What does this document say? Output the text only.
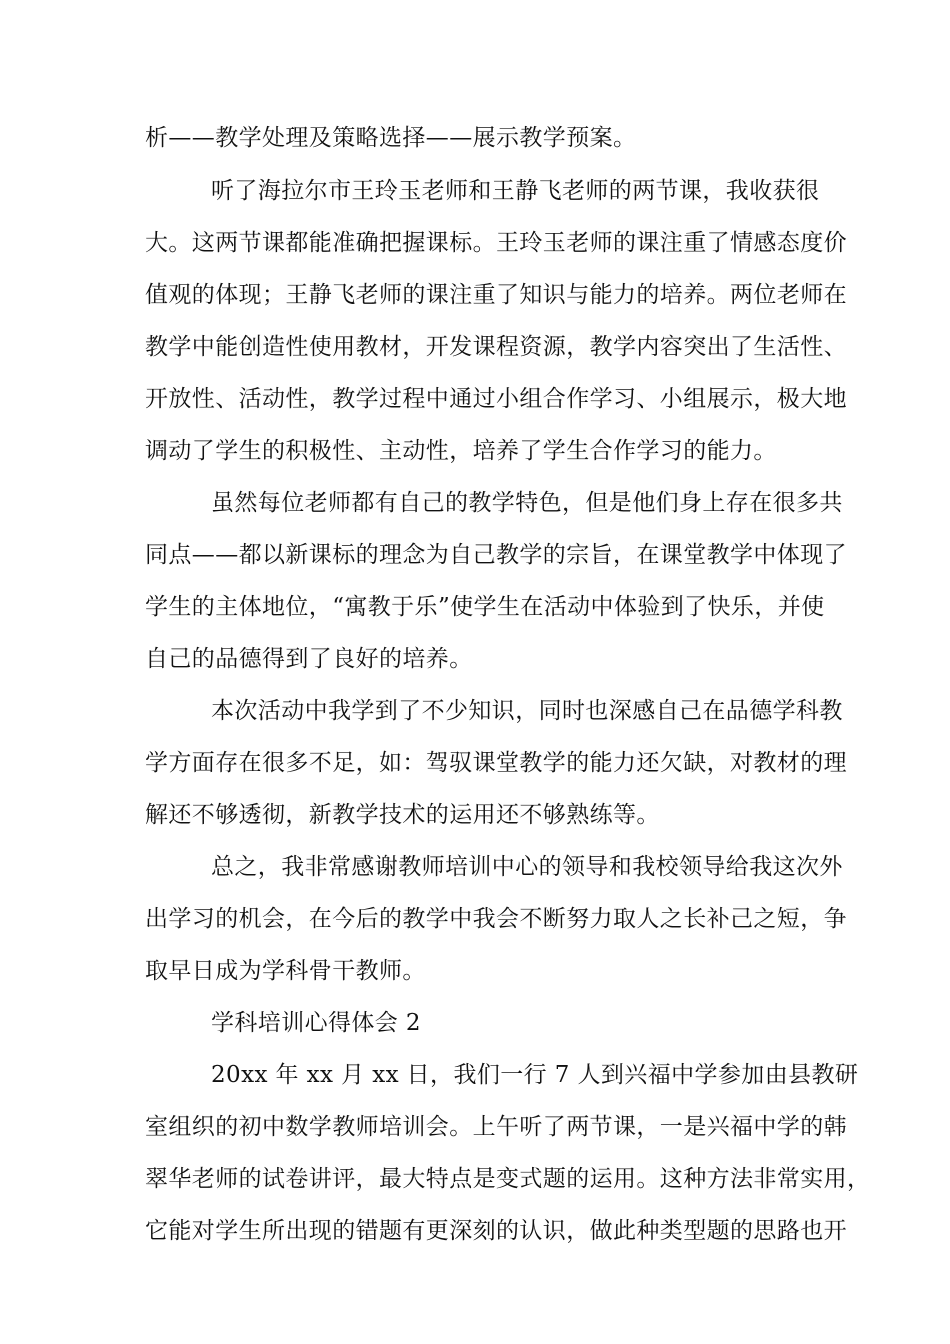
析——教学处理及策略选择——展示教学预案。
听了海拉尔市王玲玉老师和王静飞老师的两节课，我收获很
大。这两节课都能准确把握课标。王玲玉老师的课注重了情感态度价
值观的体现；王静飞老师的课注重了知识与能力的培养。两位老师在
教学中能创造性使用教材，开发课程资源，教学内容突出了生活性、
开放性、活动性，教学过程中通过小组合作学习、小组展示，极大地
调动了学生的积极性、主动性，培养了学生合作学习的能力。
虽然每位老师都有自己的教学特色，但是他们身上存在很多共
同点——都以新课标的理念为自己教学的宗旨，在课堂教学中体现了
学生的主体地位，“寓教于乐”使学生在活动中体验到了快乐，并使
自己的品德得到了良好的培养。
本次活动中我学到了不少知识，同时也深感自己在品德学科教
学方面存在很多不足，如：驾驭课堂教学的能力还欠缺，对教材的理
解还不够透彻，新教学技术的运用还不够熟练等。
总之，我非常感谢教师培训中心的领导和我校领导给我这次外
出学习的机会，在今后的教学中我会不断努力取人之长补己之短，争
取早日成为学科骨干教师。
学科培训心得体会 2
20xx 年 xx 月 xx 日，我们一行 7 人到兴福中学参加由县教研
室组织的初中数学教师培训会。上午听了两节课，一是兴福中学的韩
翠华老师的试卷讲评，最大特点是变式题的运用。这种方法非常实用，
它能对学生所出现的错题有更深刻的认识，做此种类型题的思路也开
